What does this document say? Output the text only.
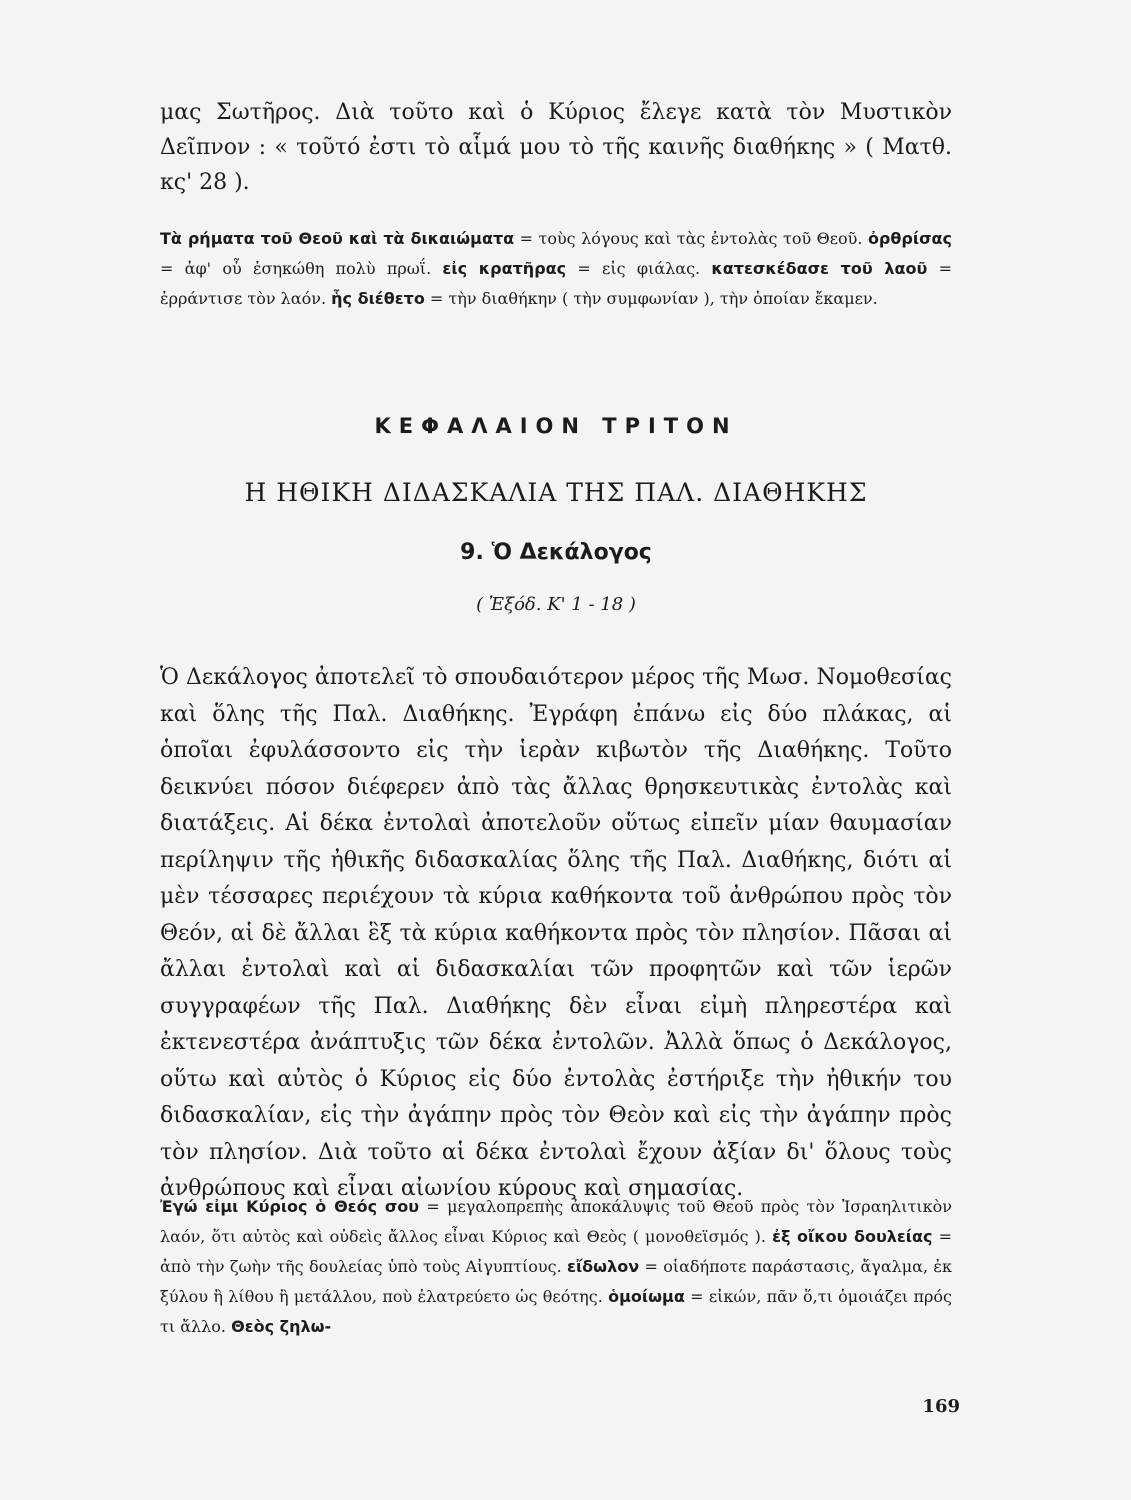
μας Σωτῆρος. Διὰ τοῦτο καὶ ὁ Κύριος ἔλεγε κατὰ τὸν Μυστικὸν Δεῖπνον : « τοῦτό ἐστι τὸ αἷμά μου τὸ τῆς καινῆς διαθήκης » ( Ματθ. κς' 28 ).

Τὰ ρήματα τοῦ Θεοῦ καὶ τὰ δικαιώματα = τοὺς λόγους καὶ τὰς ἐντολὰς τοῦ Θεοῦ. ὀρθρίσας = ἀφ' οὗ ἐσηκώθη πολὺ πρωΐ. εἰς κρατῆρας = εἰς φιάλας. κατεσκέδασε τοῦ λαοῦ = ἐρράντισε τὸν λαόν. ἧς διέθετο = τὴν διαθήκην ( τὴν συμφωνίαν ), τὴν ὁποίαν ἔκαμεν.

ΚΕΦΑΛΑΙΟΝ ΤΡΙΤΟΝ
Η ΗΘΙΚΗ ΔΙΔΑΣΚΑΛΙΑ ΤΗΣ ΠΑΛ. ΔΙΑΘΗΚΗΣ
9. Ὁ Δεκάλογος

( Ἐξόδ. Κ' 1 - 18 )

Ὁ Δεκάλογος ἀποτελεῖ τὸ σπουδαιότερον μέρος τῆς Μωσ. Νομοθεσίας καὶ ὅλης τῆς Παλ. Διαθήκης. Ἐγράφη ἐπάνω εἰς δύο πλάκας, αἱ ὁποῖαι ἐφυλάσσοντο εἰς τὴν ἱερὰν κιβωτὸν τῆς Διαθήκης. Τοῦτο δεικνύει πόσον διέφερεν ἀπὸ τὰς ἄλλας θρησκευτικὰς ἐντολὰς καὶ διατάξεις. Αἱ δέκα ἐντολαὶ ἀποτελοῦν οὕτως εἰπεῖν μίαν θαυμασίαν περίληψιν τῆς ἠθικῆς διδασκαλίας ὅλης τῆς Παλ. Διαθήκης, διότι αἱ μὲν τέσσαρες περιέχουν τὰ κύρια καθήκοντα τοῦ ἀνθρώπου πρὸς τὸν Θεόν, αἱ δὲ ἄλλαι ἓξ τὰ κύρια καθήκοντα πρὸς τὸν πλησίον. Πᾶσαι αἱ ἄλλαι ἐντολαὶ καὶ αἱ διδασκαλίαι τῶν προφητῶν καὶ τῶν ἱερῶν συγγραφέων τῆς Παλ. Διαθήκης δὲν εἶναι εἰμὴ πληρεστέρα καὶ ἐκτενεστέρα ἀνάπτυξις τῶν δέκα ἐντολῶν. Ἀλλὰ ὅπως ὁ Δεκάλογος, οὕτω καὶ αὐτὸς ὁ Κύριος εἰς δύο ἐντολὰς ἐστήριξε τὴν ἠθικήν του διδασκαλίαν, εἰς τὴν ἀγάπην πρὸς τὸν Θεὸν καὶ εἰς τὴν ἀγάπην πρὸς τὸν πλησίον. Διὰ τοῦτο αἱ δέκα ἐντολαὶ ἔχουν ἀξίαν δι' ὅλους τοὺς ἀνθρώπους καὶ εἶναι αἰωνίου κύρους καὶ σημασίας.

Ἐγώ εἰμι Κύριος ὁ Θεός σου = μεγαλοπρεπὴς ἀποκάλυψις τοῦ Θεοῦ πρὸς τὸν Ἰσραηλιτικὸν λαόν, ὅτι αὐτὸς καὶ οὐδεὶς ἄλλος εἶναι Κύριος καὶ Θεὸς ( μονοθεϊσμός ). ἐξ οἴκου δουλείας = ἀπὸ τὴν ζωὴν τῆς δουλείας ὑπὸ τοὺς Αἰγυπτίους. εἴδωλον = οἱαδήποτε παράστασις, ἄγαλμα, ἐκ ξύλου ἢ λίθου ἢ μετάλλου, ποὺ ἐλατρεύετο ὡς θεότης. ὁμοίωμα = εἰκών, πᾶν ὅ,τι ὁμοιάζει πρός τι ἄλλο. Θεὸς ζηλω-

169
